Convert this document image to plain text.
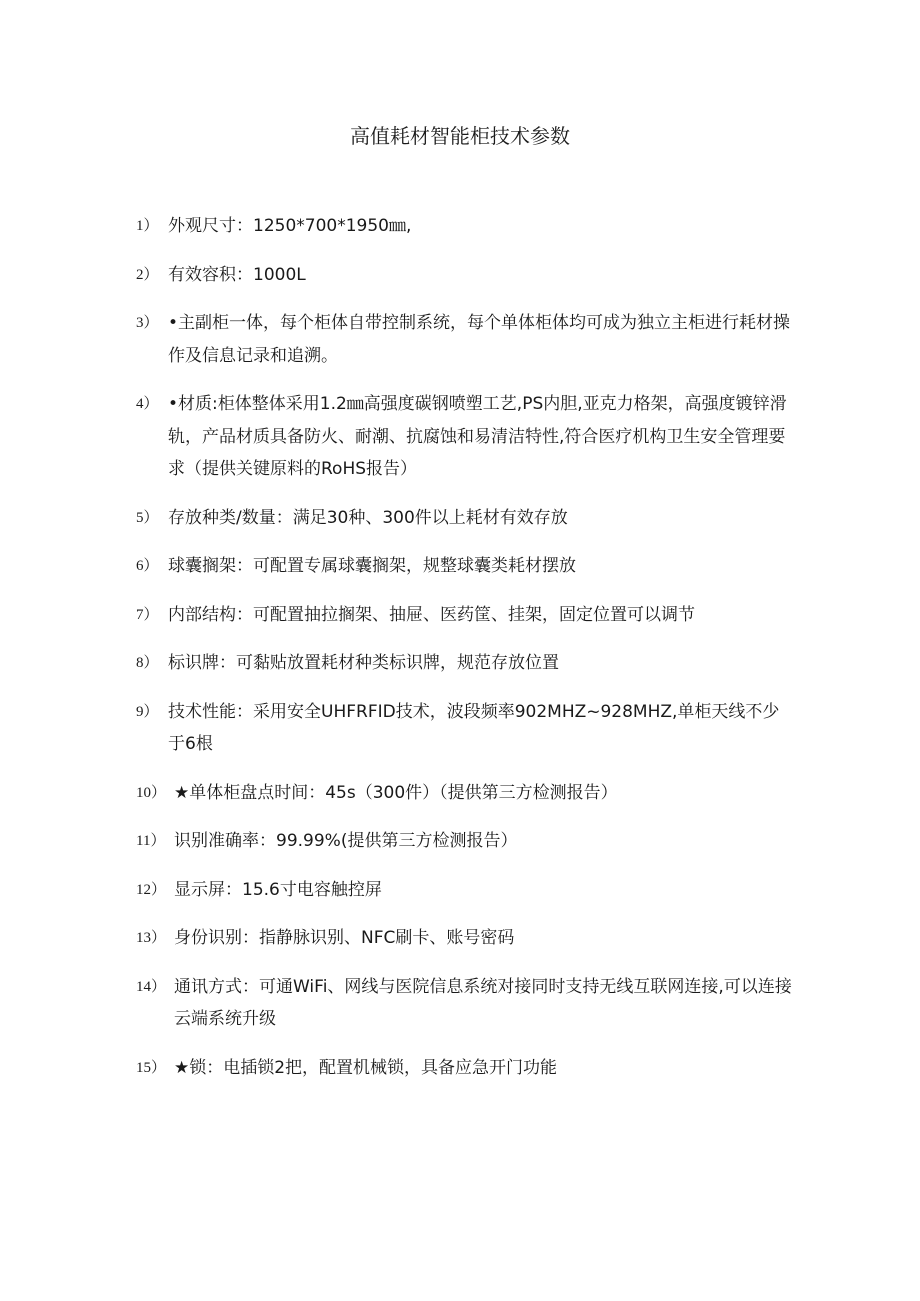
高值耗材智能柜技术参数
1） 外观尺寸：1250*700*1950㎜,
2） 有效容积：1000L
3） •主副柜一体，每个柜体自带控制系统，每个单体柜体均可成为独立主柜进行耗材操作及信息记录和追溯。
4） •材质:柜体整体采用1.2㎜高强度碳钢喷塑工艺,PS内胆,亚克力格架，高强度镀锌滑轨，产品材质具备防火、耐潮、抗腐蚀和易清洁特性,符合医疗机构卫生安全管理要求（提供关键原料的RoHS报告）
5） 存放种类/数量：满足30种、300件以上耗材有效存放
6） 球囊搁架：可配置专属球囊搁架，规整球囊类耗材摆放
7） 内部结构：可配置抽拉搁架、抽屉、医药筐、挂架，固定位置可以调节
8） 标识牌：可黏贴放置耗材种类标识牌，规范存放位置
9） 技术性能：采用安全UHFRFID技术，波段频率902MHZ~928MHZ,单柜天线不少于6根
10） ★单体柜盘点时间：45s（300件）（提供第三方检测报告）
11） 识别准确率：99.99%(提供第三方检测报告）
12） 显示屏：15.6寸电容触控屏
13） 身份识别：指静脉识别、NFC刷卡、账号密码
14） 通讯方式：可通WiFi、网线与医院信息系统对接同时支持无线互联网连接,可以连接云端系统升级
15） ★锁：电插锁2把，配置机械锁，具备应急开门功能
